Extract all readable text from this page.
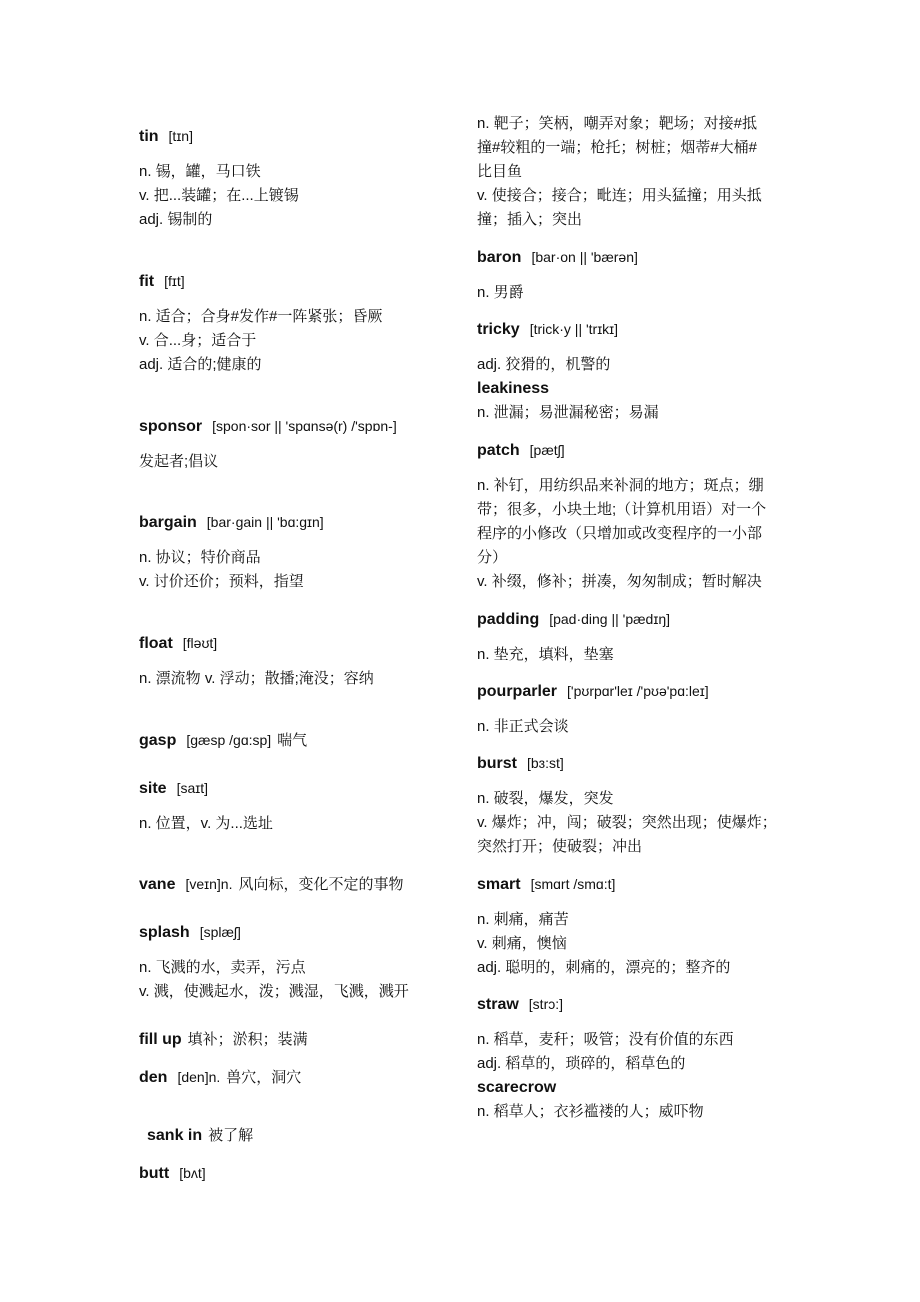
tin [tɪn]
n. 锡，罐，马口铁
v. 把...装罐；在...上镀锡
adj. 锡制的
fit [fɪt]
n. 适合；合身#发作#一阵紧张；昏厥
v. 合...身；适合于
adj. 适合的;健康的
sponsor [spon·sor || 'spɑnsə(r) /'spɒn-]
发起者;倡议
bargain [bar·gain || 'bɑ:gɪn]
n. 协议；特价商品
v. 讨价还价；预料，指望
float [fləʊt]
n. 漂流物 v. 浮动；散播;淹没；容纳
gasp [gæsp /gɑ:sp] 喘气
site [saɪt]
n. 位置，v. 为...选址
vane [veɪn]n. 风向标，变化不定的事物
splash [splæʃ]
n. 飞溅的水，卖弄，污点
v. 溅，使溅起水，泼；溅湿，飞溅，溅开
fill up 填补；淤积；装满
den [den]n. 兽穴，洞穴
sank in 被了解
butt [bʌt]
n. 靶子；笑柄，嘲弄对象；靶场；对接#抵
撞#较粗的一端；枪托；树桩；烟蒂#大桶#
比目鱼
v. 使接合；接合；毗连；用头猛撞；用头抵
撞；插入；突出
baron [bar·on || 'bærən]
n. 男爵
tricky [trick·y || 'trɪkɪ]
adj. 狡猾的，机警的
leakiness
n. 泄漏；易泄漏秘密；易漏
patch [pætʃ]
n. 补钉，用纺织品来补洞的地方；斑点；绷
带；很多，小块土地;（计算机用语）对一个
程序的小修改（只增加或改变程序的一小部
分）
v. 补缀，修补；拼凑，匆匆制成；暂时解决
padding [pad·ding || 'pædɪŋ]
n. 垫充，填料，垫塞
pourparler ['pʊrpɑr'leɪ /'pʊə'pɑ:leɪ]
n. 非正式会谈
burst [bɜ:st]
n. 破裂，爆发，突发
v. 爆炸；冲，闯；破裂；突然出现；使爆炸；
突然打开；使破裂；冲出
smart [smɑrt /smɑ:t]
n. 刺痛，痛苦
v. 刺痛，懊恼
adj. 聪明的，刺痛的，漂亮的；整齐的
straw [strɔ:]
n. 稻草，麦秆；吸管；没有价值的东西
adj. 稻草的，琐碎的，稻草色的
scarecrow
n. 稻草人；衣衫褴褛的人；威吓物
